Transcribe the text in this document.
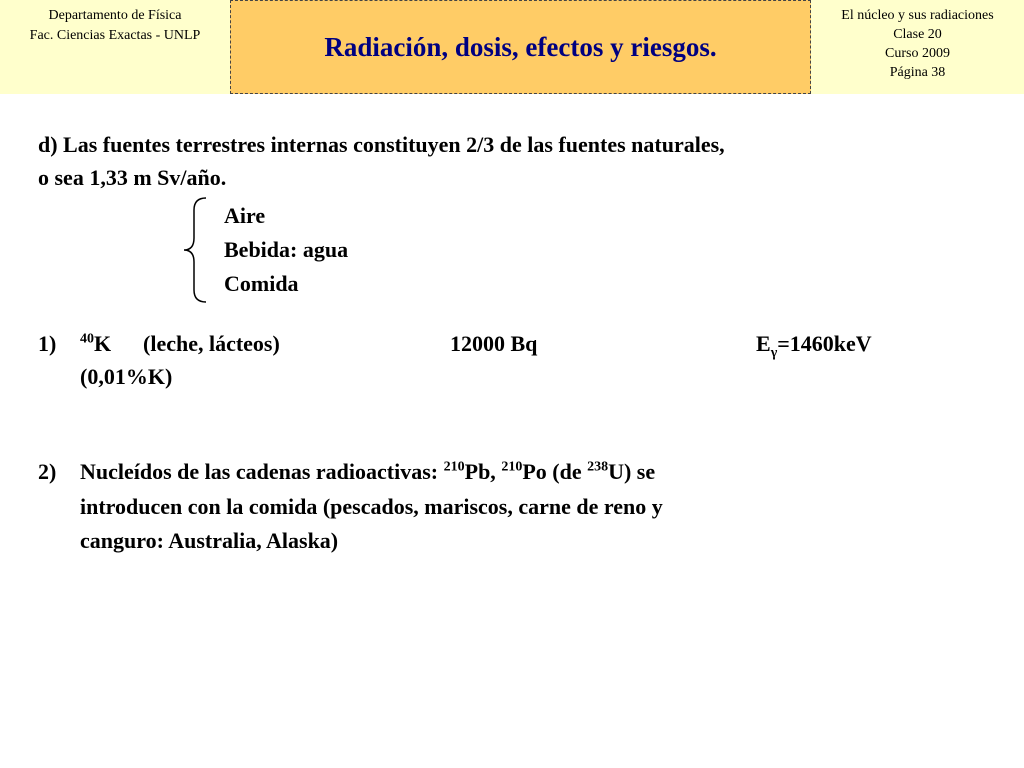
Departamento de Física
Fac. Ciencias Exactas - UNLP	Radiación, dosis, efectos y riesgos.
El núcleo y sus radiaciones
Clase 20
Curso 2009
Página 38
d) Las fuentes terrestres internas constituyen 2/3 de las fuentes naturales,
o sea 1,33 m Sv/año.
Aire
Bebida: agua
Comida
1) $^{40}$K (leche, lácteos)	12000 Bq	$E_\gamma=1460keV$
(0,01%K)
2) Nucleídos de las cadenas radioactivas: $^{210}$Pb, $^{210}$Po (de $^{238}$U) se
introducen con la comida (pescados, mariscos, carne de reno y
canguro: Australia, Alaska)
